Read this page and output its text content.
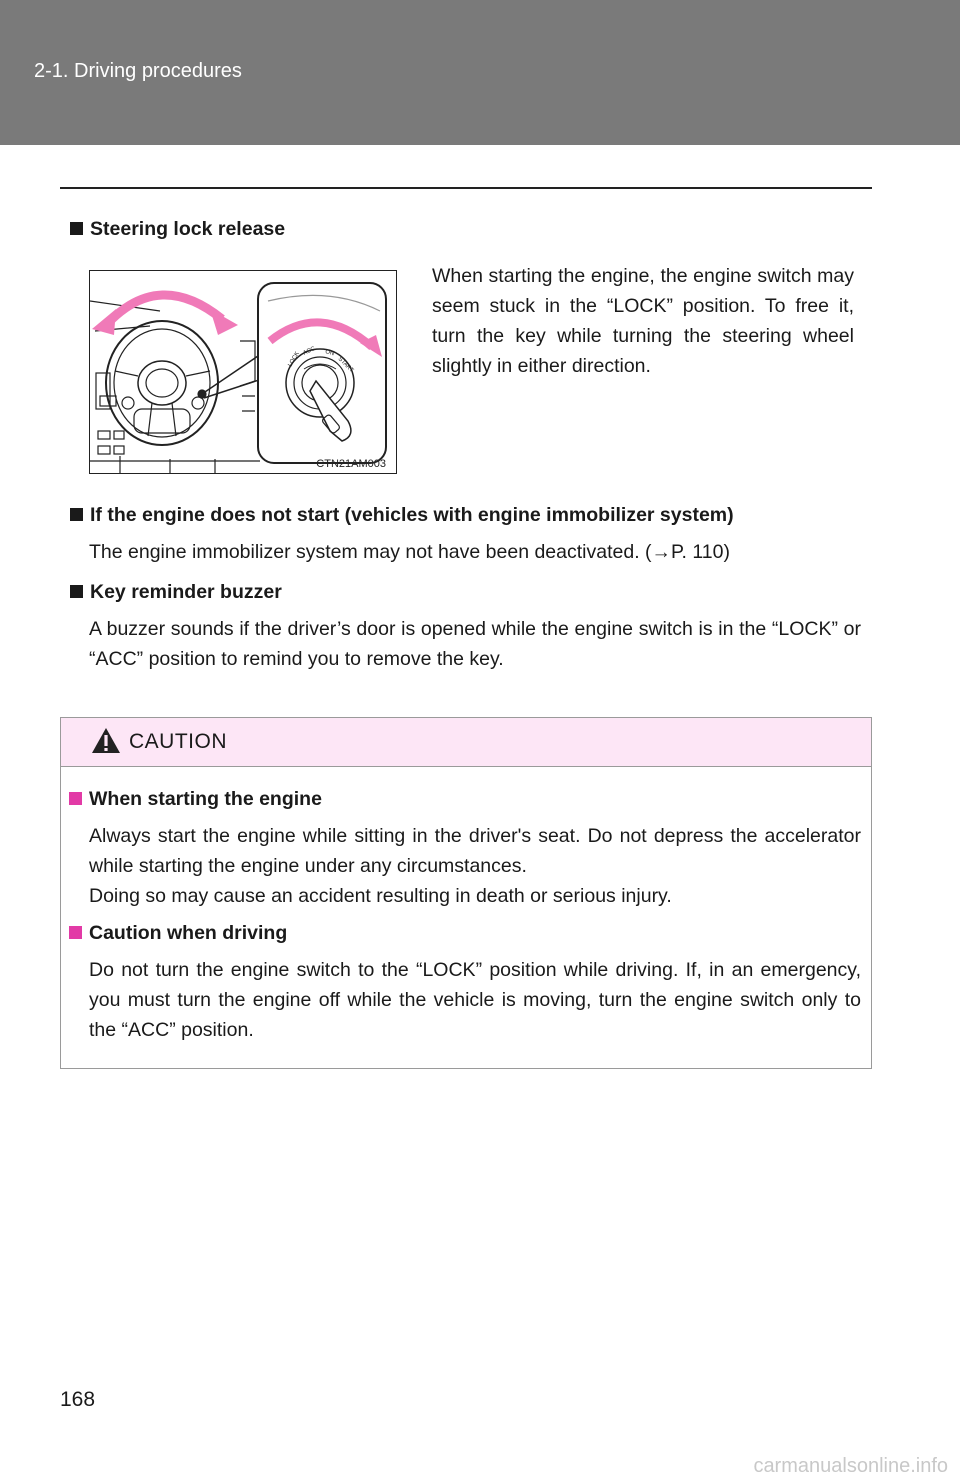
2-1. Driving procedures
Steering lock release
LOCK ACC ON
START
CTN21AM003
When starting the engine, the engine switch may seem stuck in the “LOCK” position. To free it, turn the key while turning the steering wheel slightly in either direction.
If the engine does not start (vehicles with engine immobilizer system)
The engine immobilizer system may not have been deactivated. (→P. 110)
Key reminder buzzer
A buzzer sounds if the driver’s door is opened while the engine switch is in the “LOCK” or “ACC” position to remind you to remove the key.
CAUTION
When starting the engine
Always start the engine while sitting in the driver's seat. Do not depress the accelerator while starting the engine under any circumstances.
Doing so may cause an accident resulting in death or serious injury.
Caution when driving
Do not turn the engine switch to the “LOCK” position while driving. If, in an emergency, you must turn the engine off while the vehicle is moving, turn the engine switch only to the “ACC” position.
168
carmanualsonline.info
